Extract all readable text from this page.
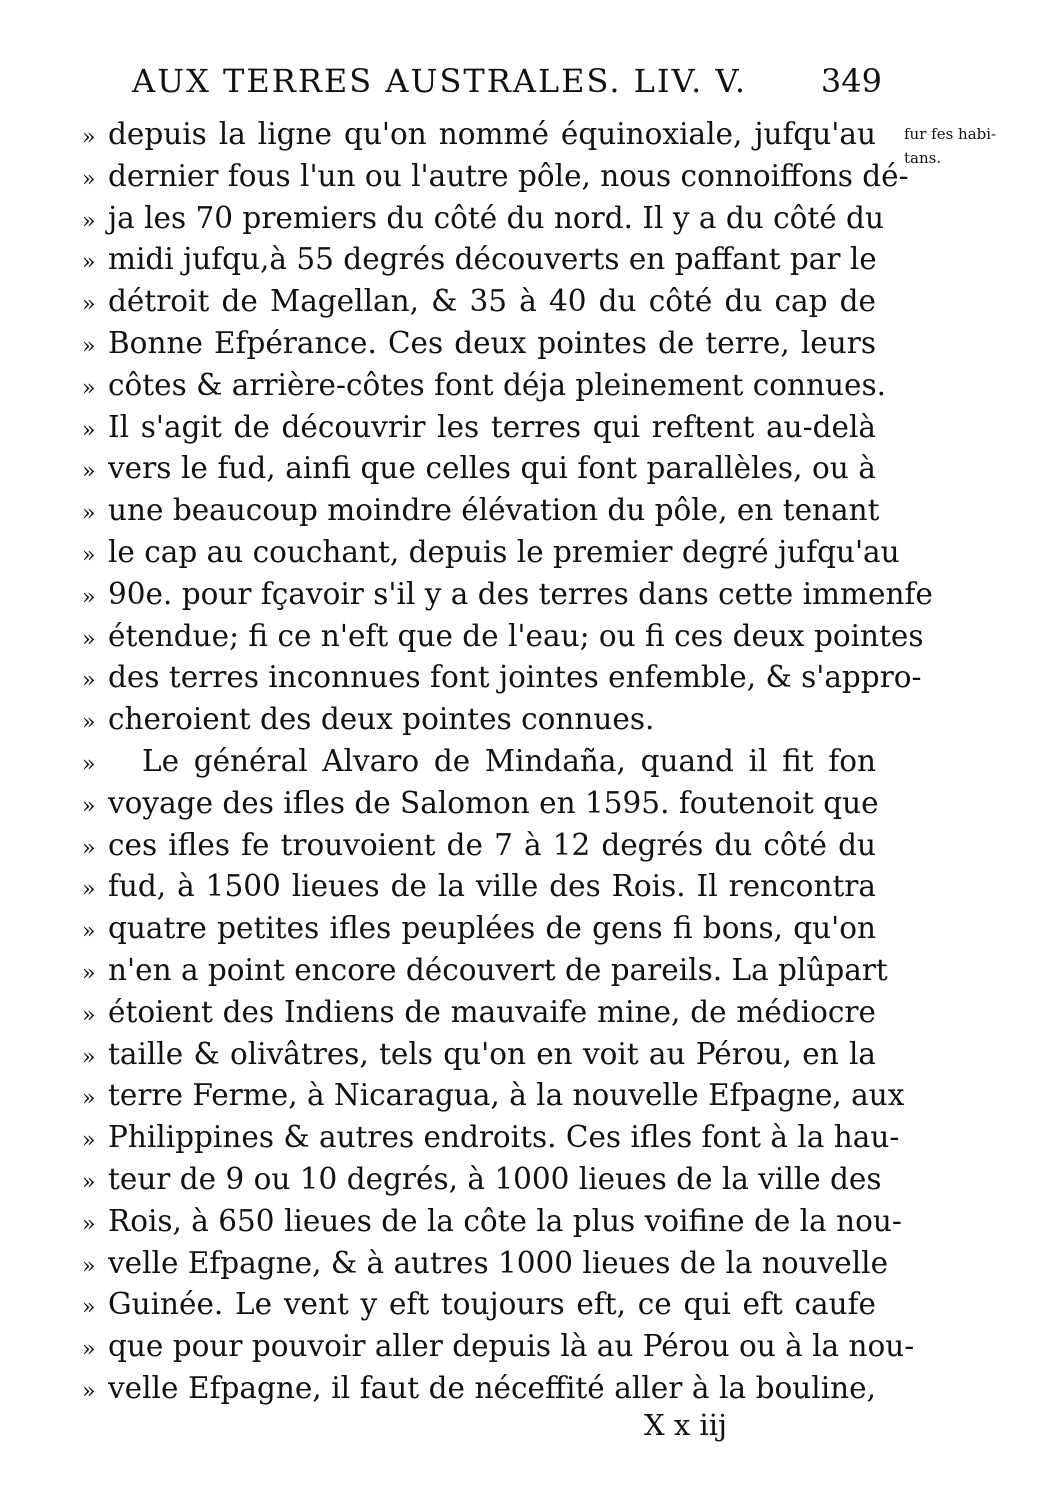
AUX TERRES AUSTRALES. LIV. V. 349
fur fes habi-
tans.
» depuis la ligne qu'on nommé équinoxiale, jufqu'au
» dernier fous l'un ou l'autre pôle, nous connoiffons dé-
» ja les 70 premiers du côté du nord. Il y a du côté du
» midi jufqu,à 55 degrés découverts en paffant par le
» détroit de Magellan, & 35 à 40 du côté du cap de
» Bonne Efpérance. Ces deux pointes de terre, leurs
» côtes & arrière-côtes font déja pleinement connues.
» Il s'agit de découvrir les terres qui reftent au-delà
» vers le fud, ainfi que celles qui font parallèles, ou à
» une beaucoup moindre élévation du pôle, en tenant
» le cap au couchant, depuis le premier degré jufqu'au
» 90e. pour fçavoir s'il y a des terres dans cette immenfe
» étendue; fi ce n'eft que de l'eau; ou fi ces deux pointes
» des terres inconnues font jointes enfemble, & s'appro-
» cheroient des deux pointes connues.
» Le général Alvaro de Mindaña, quand il fit fon
» voyage des ifles de Salomon en 1595. foutenoit que
» ces ifles fe trouvoient de 7 à 12 degrés du côté du
» fud, à 1500 lieues de la ville des Rois. Il rencontra
» quatre petites ifles peuplées de gens fi bons, qu'on
» n'en a point encore découvert de pareils. La plûpart
» étoient des Indiens de mauvaife mine, de médiocre
» taille & olivâtres, tels qu'on en voit au Pérou, en la
» terre Ferme, à Nicaragua, à la nouvelle Efpagne, aux
» Philippines & autres endroits. Ces ifles font à la hau-
» teur de 9 ou 10 degrés, à 1000 lieues de la ville des
» Rois, à 650 lieues de la côte la plus voifine de la nou-
» velle Efpagne, & à autres 1000 lieues de la nouvelle
» Guinée. Le vent y eft toujours eft, ce qui eft caufe
» que pour pouvoir aller depuis là au Pérou ou à la nou-
» velle Efpagne, il faut de néceffité aller à la bouline,
X x iij
